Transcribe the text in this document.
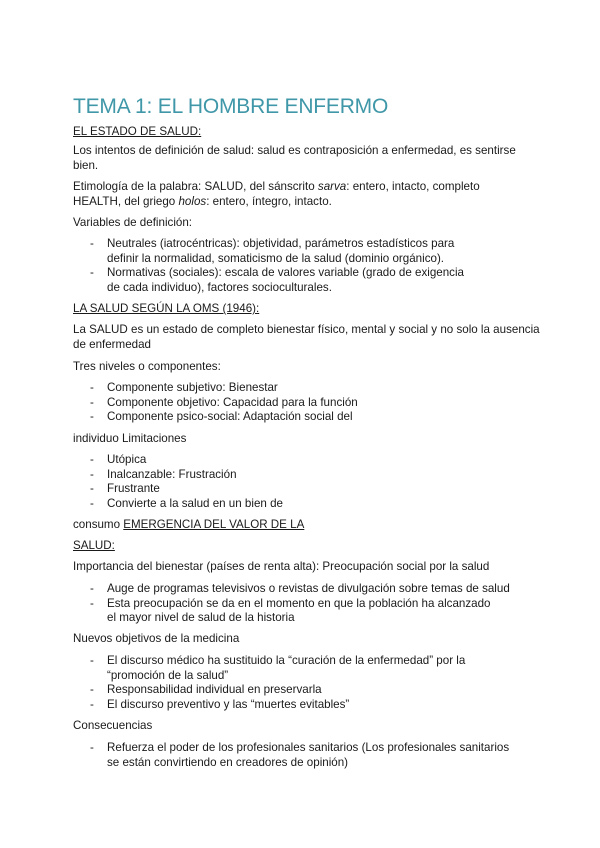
TEMA 1: EL HOMBRE ENFERMO

EL ESTADO DE SALUD:

Los intentos de definición de salud: salud es contraposición a enfermedad, es sentirse
bien.

Etimología de la palabra: SALUD, del sánscrito sarva: entero, intacto, completo
HEALTH, del griego holos: entero, íntegro, intacto.

Variables de definición:

- Neutrales (iatrocéntricas): objetividad, parámetros estadísticos para
definir la normalidad, somaticismo de la salud (dominio orgánico).
- Normativas (sociales): escala de valores variable (grado de exigencia
de cada individuo), factores socioculturales.

LA SALUD SEGÚN LA OMS (1946):

La SALUD es un estado de completo bienestar físico, mental y social y no solo la ausencia
de enfermedad

Tres niveles o componentes:

- Componente subjetivo: Bienestar
- Componente objetivo: Capacidad para la función
- Componente psico-social: Adaptación social del

individuo Limitaciones

- Utópica
- Inalcanzable: Frustración
- Frustrante
- Convierte a la salud en un bien de

consumo EMERGENCIA DEL VALOR DE LA

SALUD:

Importancia del bienestar (países de renta alta): Preocupación social por la salud

- Auge de programas televisivos o revistas de divulgación sobre temas de salud
- Esta preocupación se da en el momento en que la población ha alcanzado
el mayor nivel de salud de la historia

Nuevos objetivos de la medicina

- El discurso médico ha sustituido la “curación de la enfermedad” por la
“promoción de la salud”
- Responsabilidad individual en preservarla
- El discurso preventivo y las “muertes evitables”

Consecuencias

- Refuerza el poder de los profesionales sanitarios (Los profesionales sanitarios
se están convirtiendo en creadores de opinión)
